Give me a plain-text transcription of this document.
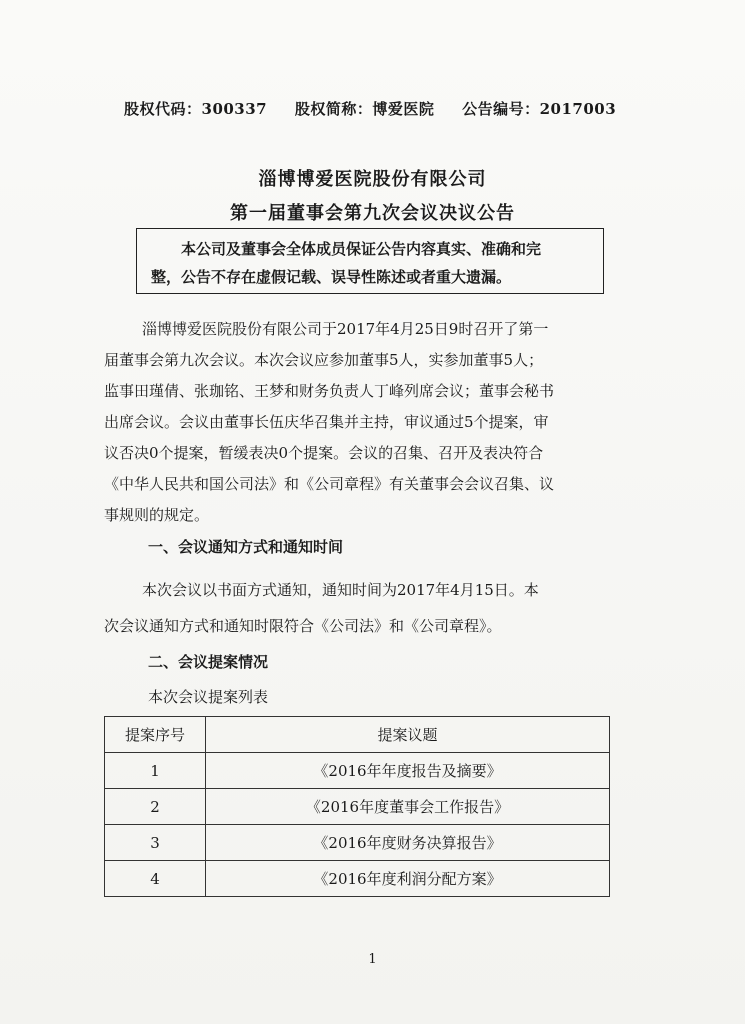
股权代码：300337 股权简称：博爱医院 公告编号：2017003
淄博博爱医院股份有限公司
第一届董事会第九次会议决议公告
本公司及董事会全体成员保证公告内容真实、准确和完
整，公告不存在虚假记载、误导性陈述或者重大遗漏。
淄博博爱医院股份有限公司于2017年4月25日9时召开了第一
届董事会第九次会议。本次会议应参加董事5人，实参加董事5人；
监事田瑾倩、张珈铭、王梦和财务负责人丁峰列席会议；董事会秘书
出席会议。会议由董事长伍庆华召集并主持，审议通过5个提案，审
议否决0个提案，暂缓表决0个提案。会议的召集、召开及表决符合
《中华人民共和国公司法》和《公司章程》有关董事会会议召集、议
事规则的规定。
一、会议通知方式和通知时间
本次会议以书面方式通知，通知时间为2017年4月15日。本
次会议通知方式和通知时限符合《公司法》和《公司章程》。
二、会议提案情况
本次会议提案列表
提案序号	提案议题
1	《2016年年度报告及摘要》
2	《2016年度董事会工作报告》
3	《2016年度财务决算报告》
4	《2016年度利润分配方案》
1
